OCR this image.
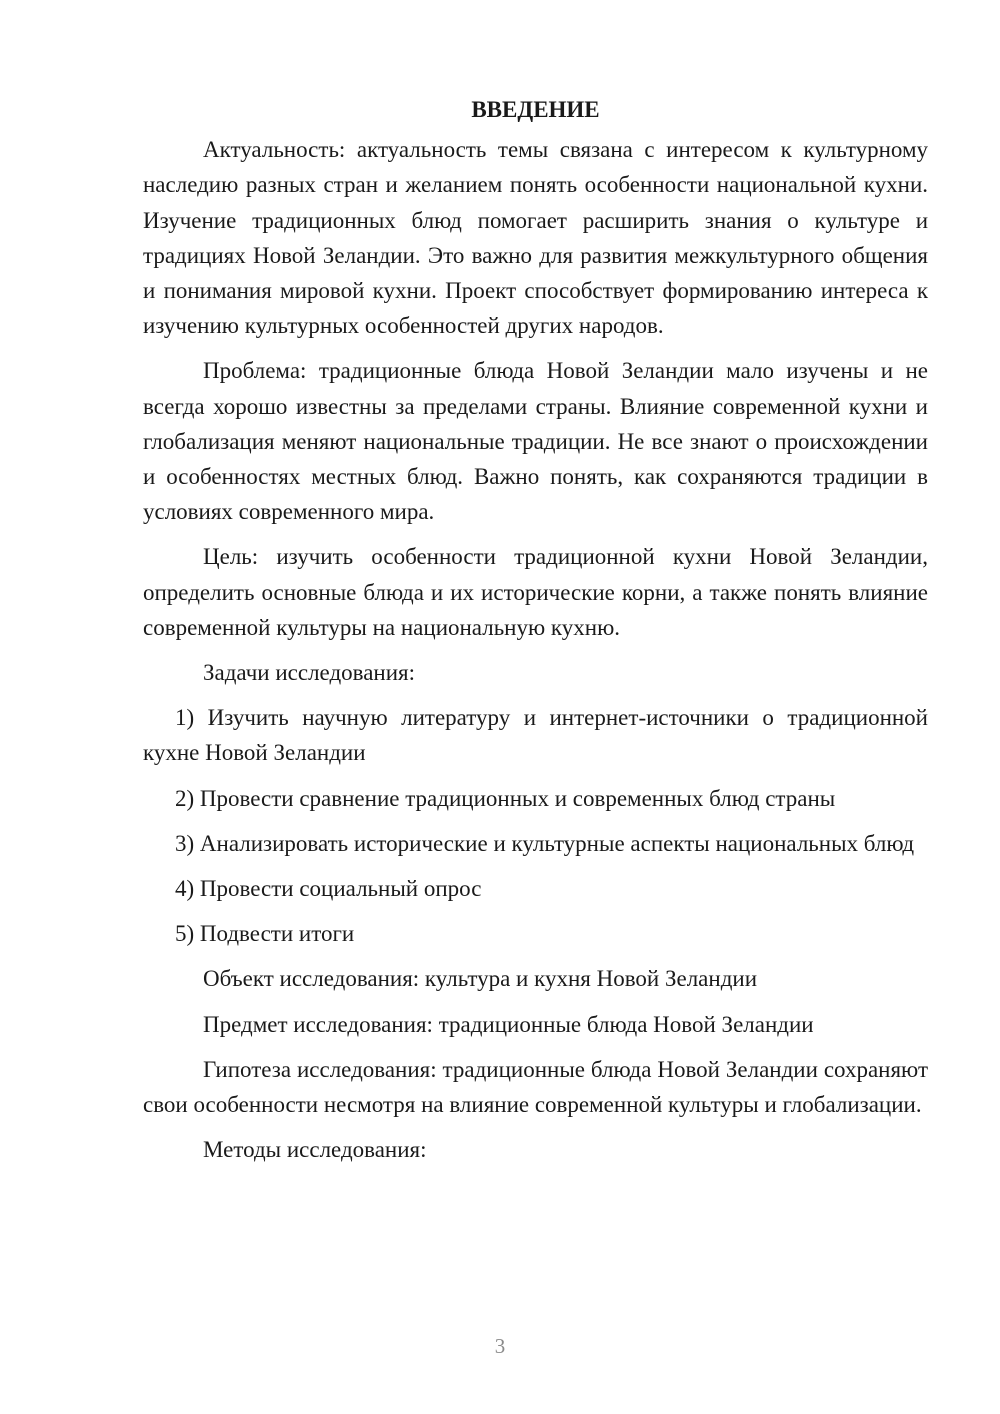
ВВЕДЕНИЕ

Актуальность: актуальность темы связана с интересом к культурному наследию разных стран и желанием понять особенности национальной кухни. Изучение традиционных блюд помогает расширить знания о культуре и традициях Новой Зеландии. Это важно для развития межкультурного общения и понимания мировой кухни. Проект способствует формированию интереса к изучению культурных особенностей других народов.

Проблема: традиционные блюда Новой Зеландии мало изучены и не всегда хорошо известны за пределами страны. Влияние современной кухни и глобализация меняют национальные традиции. Не все знают о происхождении и особенностях местных блюд. Важно понять, как сохраняются традиции в условиях современного мира.

Цель: изучить особенности традиционной кухни Новой Зеландии, определить основные блюда и их исторические корни, а также понять влияние современной культуры на национальную кухню.

Задачи исследования:

1) Изучить научную литературу и интернет-источники о традиционной кухне Новой Зеландии

2) Провести сравнение традиционных и современных блюд страны

3) Анализировать исторические и культурные аспекты национальных блюд

4) Провести социальный опрос

5) Подвести итоги

Объект исследования: культура и кухня Новой Зеландии

Предмет исследования: традиционные блюда Новой Зеландии

Гипотеза исследования: традиционные блюда Новой Зеландии сохраняют свои особенности несмотря на влияние современной культуры и глобализации.

Методы исследования:

3
